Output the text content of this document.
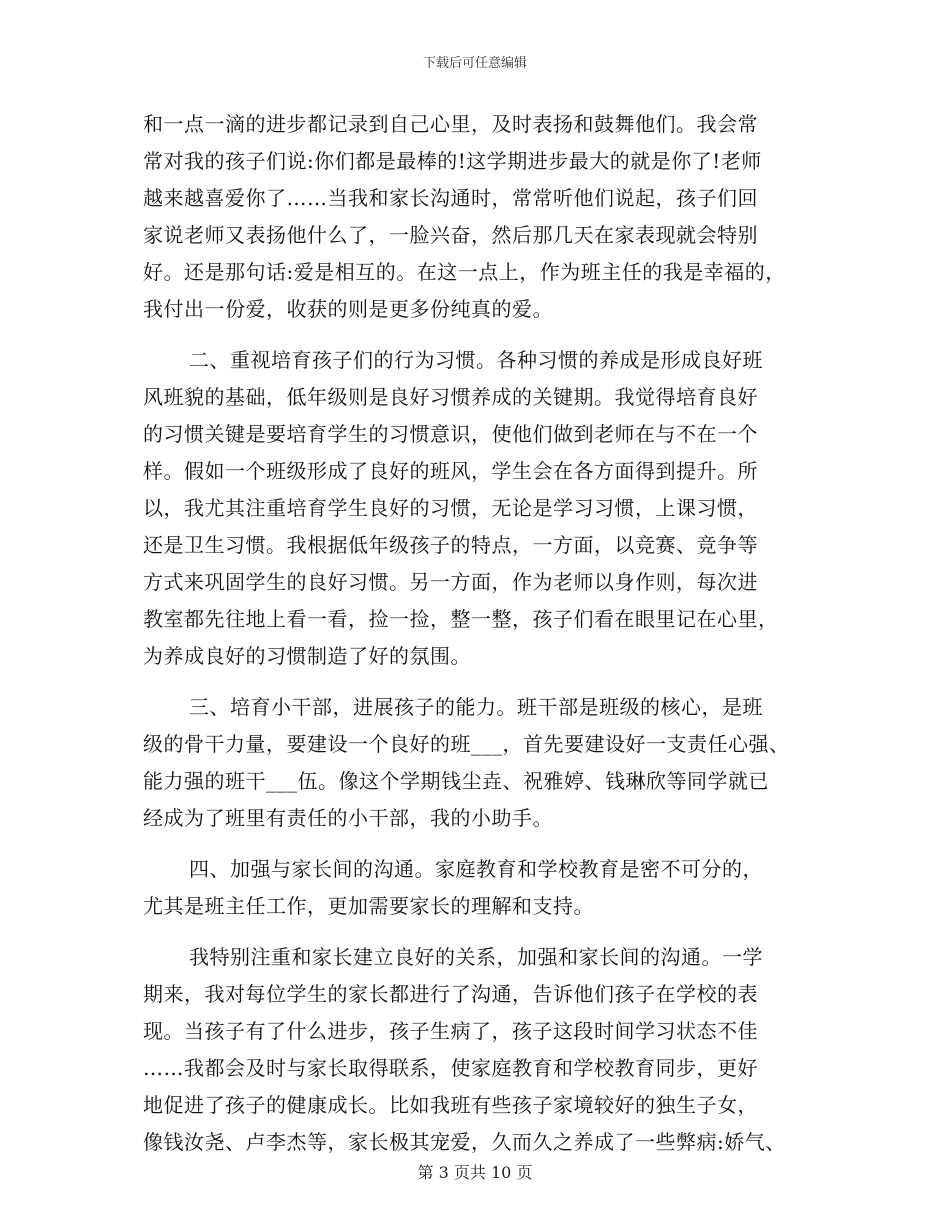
下载后可任意编辑
和一点一滴的进步都记录到自己心里，及时表扬和鼓舞他们。我会常
常对我的孩子们说:你们都是最棒的!这学期进步最大的就是你了!老师
越来越喜爱你了……当我和家长沟通时，常常听他们说起，孩子们回
家说老师又表扬他什么了，一脸兴奋，然后那几天在家表现就会特别
好。还是那句话:爱是相互的。在这一点上，作为班主任的我是幸福的，
我付出一份爱，收获的则是更多份纯真的爱。
二、重视培育孩子们的行为习惯。各种习惯的养成是形成良好班
风班貌的基础，低年级则是良好习惯养成的关键期。我觉得培育良好
的习惯关键是要培育学生的习惯意识，使他们做到老师在与不在一个
样。假如一个班级形成了良好的班风，学生会在各方面得到提升。所
以，我尤其注重培育学生良好的习惯，无论是学习习惯，上课习惯，
还是卫生习惯。我根据低年级孩子的特点，一方面，以竞赛、竞争等
方式来巩固学生的良好习惯。另一方面，作为老师以身作则，每次进
教室都先往地上看一看，捡一捡，整一整，孩子们看在眼里记在心里，
为养成良好的习惯制造了好的氛围。
三、培育小干部，进展孩子的能力。班干部是班级的核心，是班
级的骨干力量，要建设一个良好的班___，首先要建设好一支责任心强、
能力强的班干___伍。像这个学期钱尘垚、祝雅婷、钱琳欣等同学就已
经成为了班里有责任的小干部，我的小助手。
四、加强与家长间的沟通。家庭教育和学校教育是密不可分的，
尤其是班主任工作，更加需要家长的理解和支持。
我特别注重和家长建立良好的关系，加强和家长间的沟通。一学
期来，我对每位学生的家长都进行了沟通，告诉他们孩子在学校的表
现。当孩子有了什么进步，孩子生病了，孩子这段时间学习状态不佳
……我都会及时与家长取得联系，使家庭教育和学校教育同步，更好
地促进了孩子的健康成长。比如我班有些孩子家境较好的独生子女，
像钱汝尧、卢李杰等，家长极其宠爱，久而久之养成了一些弊病:娇气、
第 3 页共 10 页
